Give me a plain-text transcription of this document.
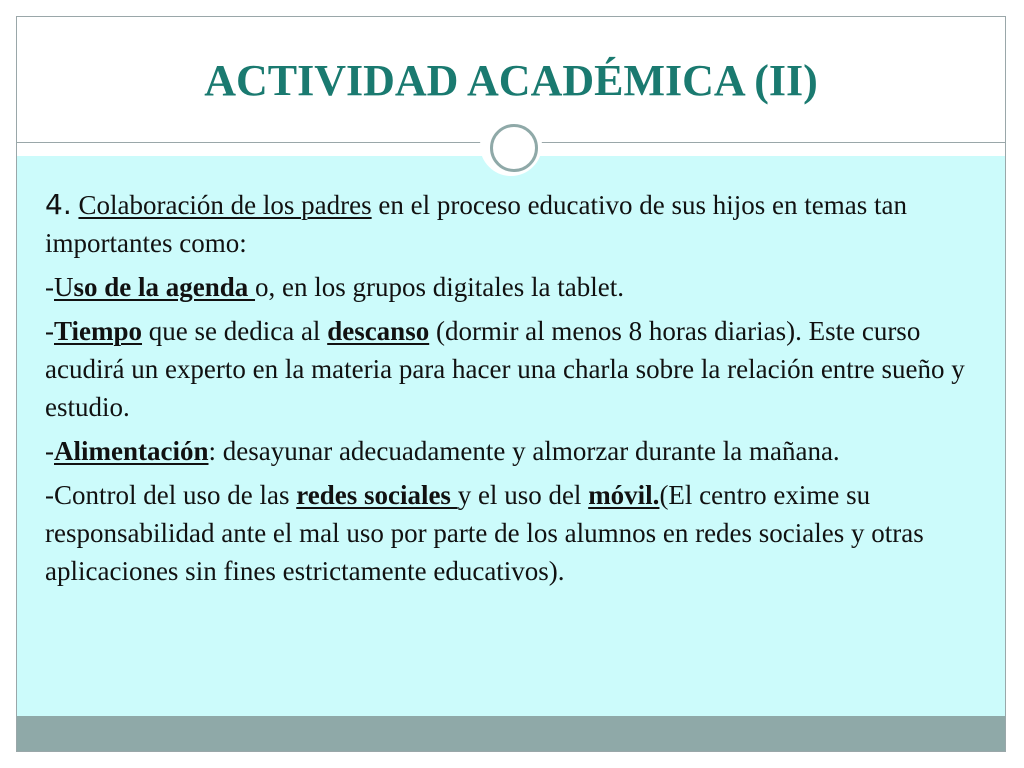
ACTIVIDAD ACADÉMICA (II)

4. Colaboración de los padres en el proceso educativo de sus hijos en temas tan importantes como:

-Uso de la agenda o, en los grupos digitales la tablet.

-Tiempo que se dedica al descanso (dormir al menos 8 horas diarias). Este curso acudirá un experto en la materia para hacer una charla sobre la relación entre sueño y estudio.

-Alimentación: desayunar adecuadamente y almorzar durante la mañana.

-Control del uso de las redes sociales y el uso del móvil.(El centro exime su responsabilidad ante el mal uso por parte de los alumnos en redes sociales y otras aplicaciones sin fines estrictamente educativos).
